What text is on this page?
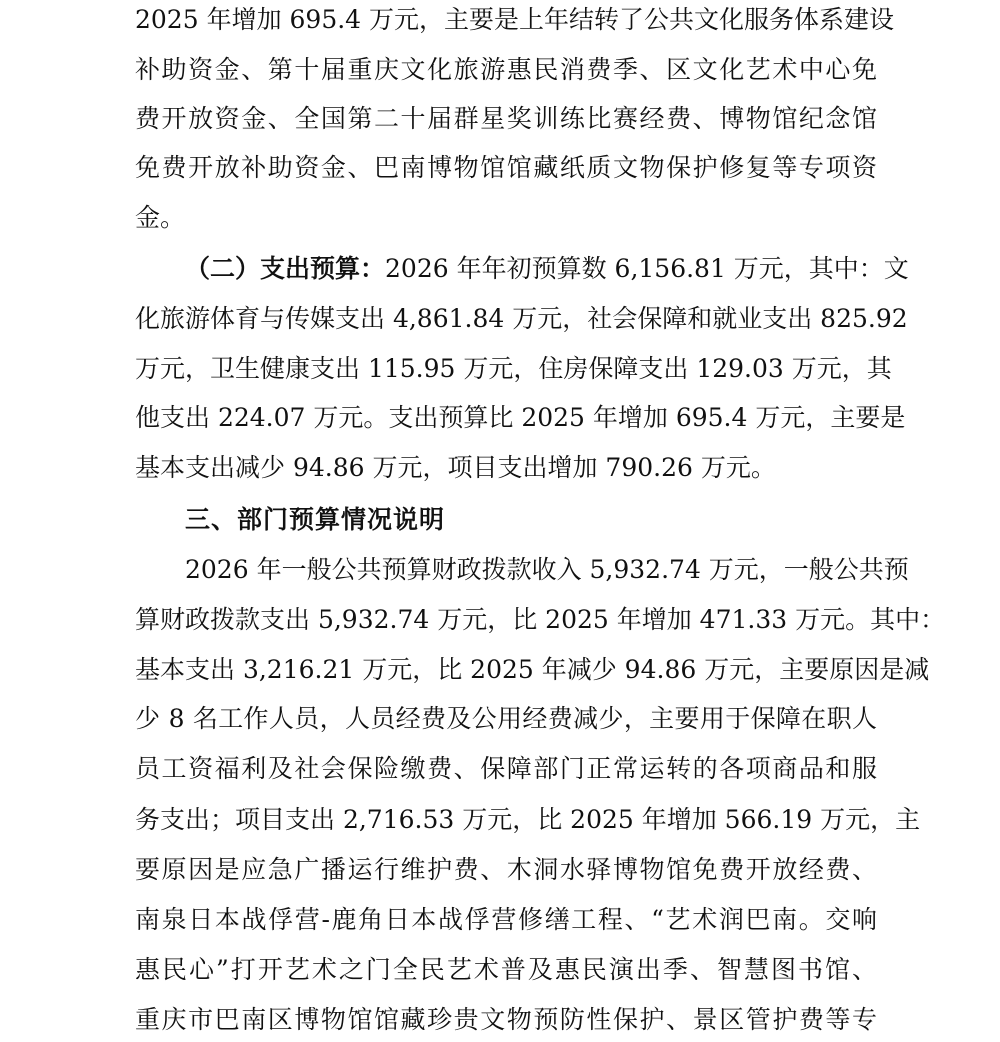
2025 年增加 695.4 万元，主要是上年结转了公共文化服务体系建设
补助资金、第十届重庆文化旅游惠民消费季、区文化艺术中心免
费开放资金、全国第二十届群星奖训练比赛经费、博物馆纪念馆
免费开放补助资金、巴南博物馆馆藏纸质文物保护修复等专项资
金。
（二）支出预算：2026 年年初预算数 6,156.81 万元，其中：文
化旅游体育与传媒支出 4,861.84 万元，社会保障和就业支出 825.92
万元，卫生健康支出 115.95 万元，住房保障支出 129.03 万元，其
他支出 224.07 万元。支出预算比 2025 年增加 695.4 万元，主要是
基本支出减少 94.86 万元，项目支出增加 790.26 万元。
三、部门预算情况说明
2026 年一般公共预算财政拨款收入 5,932.74 万元，一般公共预
算财政拨款支出 5,932.74 万元，比 2025 年增加 471.33 万元。其中：
基本支出 3,216.21 万元，比 2025 年减少 94.86 万元，主要原因是减
少 8 名工作人员，人员经费及公用经费减少，主要用于保障在职人
员工资福利及社会保险缴费、保障部门正常运转的各项商品和服
务支出；项目支出 2,716.53 万元，比 2025 年增加 566.19 万元，主
要原因是应急广播运行维护费、木洞水驿博物馆免费开放经费、
南泉日本战俘营-鹿角日本战俘营修缮工程、“艺术润巴南。交响
惠民心”打开艺术之门全民艺术普及惠民演出季、智慧图书馆、
重庆市巴南区博物馆馆藏珍贵文物预防性保护、景区管护费等专
